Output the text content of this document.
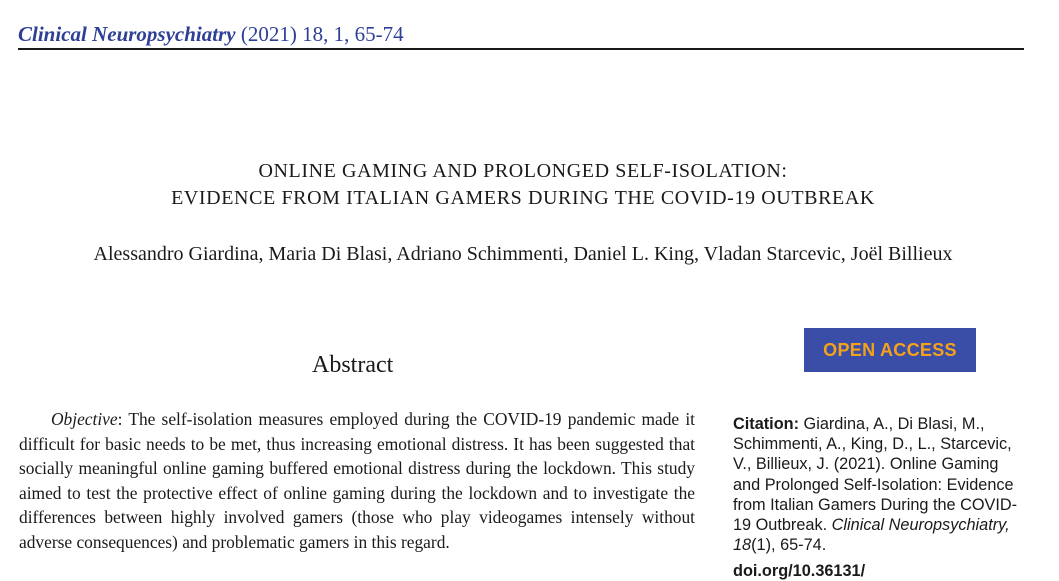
Clinical Neuropsychiatry (2021) 18, 1, 65-74
ONLINE GAMING AND PROLONGED SELF-ISOLATION:
EVIDENCE FROM ITALIAN GAMERS DURING THE COVID-19 OUTBREAK
Alessandro Giardina, Maria Di Blasi, Adriano Schimmenti, Daniel L. King, Vladan Starcevic, Joël Billieux
Abstract

Objective: The self-isolation measures employed during the COVID-19 pandemic made it difficult for basic needs to be met, thus increasing emotional distress. It has been suggested that socially meaningful online gaming buffered emotional distress during the lockdown. This study aimed to test the protective effect of online gaming during the lockdown and to investigate the differences between highly involved gamers (those who play videogames intensely without adverse consequences) and problematic gamers in this regard.

OPEN ACCESS
Citation: Giardina, A., Di Blasi, M., Schimmenti, A., King, D., L., Starcevic, V., Billieux, J. (2021). Online Gaming and Prolonged Self-Isolation: Evidence from Italian Gamers During the COVID-19 Outbreak. Clinical Neuropsychiatry, 18(1), 65-74.
doi.org/10.36131/
